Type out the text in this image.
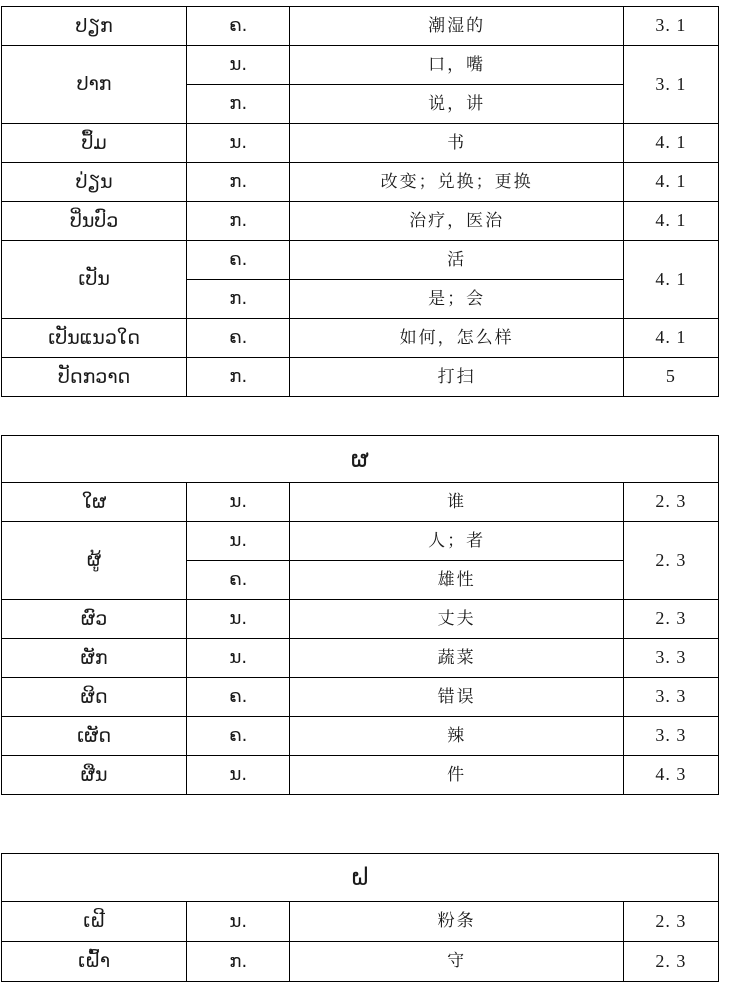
ປຽກ	ຄ.	潮湿的	3. 1
ປາກ	ນ.	口，嘴	3. 1
	ກ.	说，讲	
ປຶ້ມ	ນ.	书	4. 1
ປ່ຽນ	ກ.	改变；兑换；更换	4. 1
ປິ່ນປົວ	ກ.	治疗，医治	4. 1
ເປັນ	ຄ.	活	4. 1
	ກ.	是；会	
ເປັນແນວໃດ	ຄ.	如何，怎么样	4. 1
ປັດກວາດ	ກ.	打扫	5
ຜ			
ໃຜ	ນ.	谁	2. 3
ຜູ້	ນ.	人；者	2. 3
	ຄ.	雄性	
ຜົວ	ນ.	丈夫	2. 3
ຜັກ	ນ.	蔬菜	3. 3
ຜິດ	ຄ.	错误	3. 3
ເຜັດ	ຄ.	辣	3. 3
ຜືນ	ນ.	件	4. 3
ຝ			
ເຝີ	ນ.	粉条	2. 3
ເຝົ້າ	ກ.	守	2. 3
